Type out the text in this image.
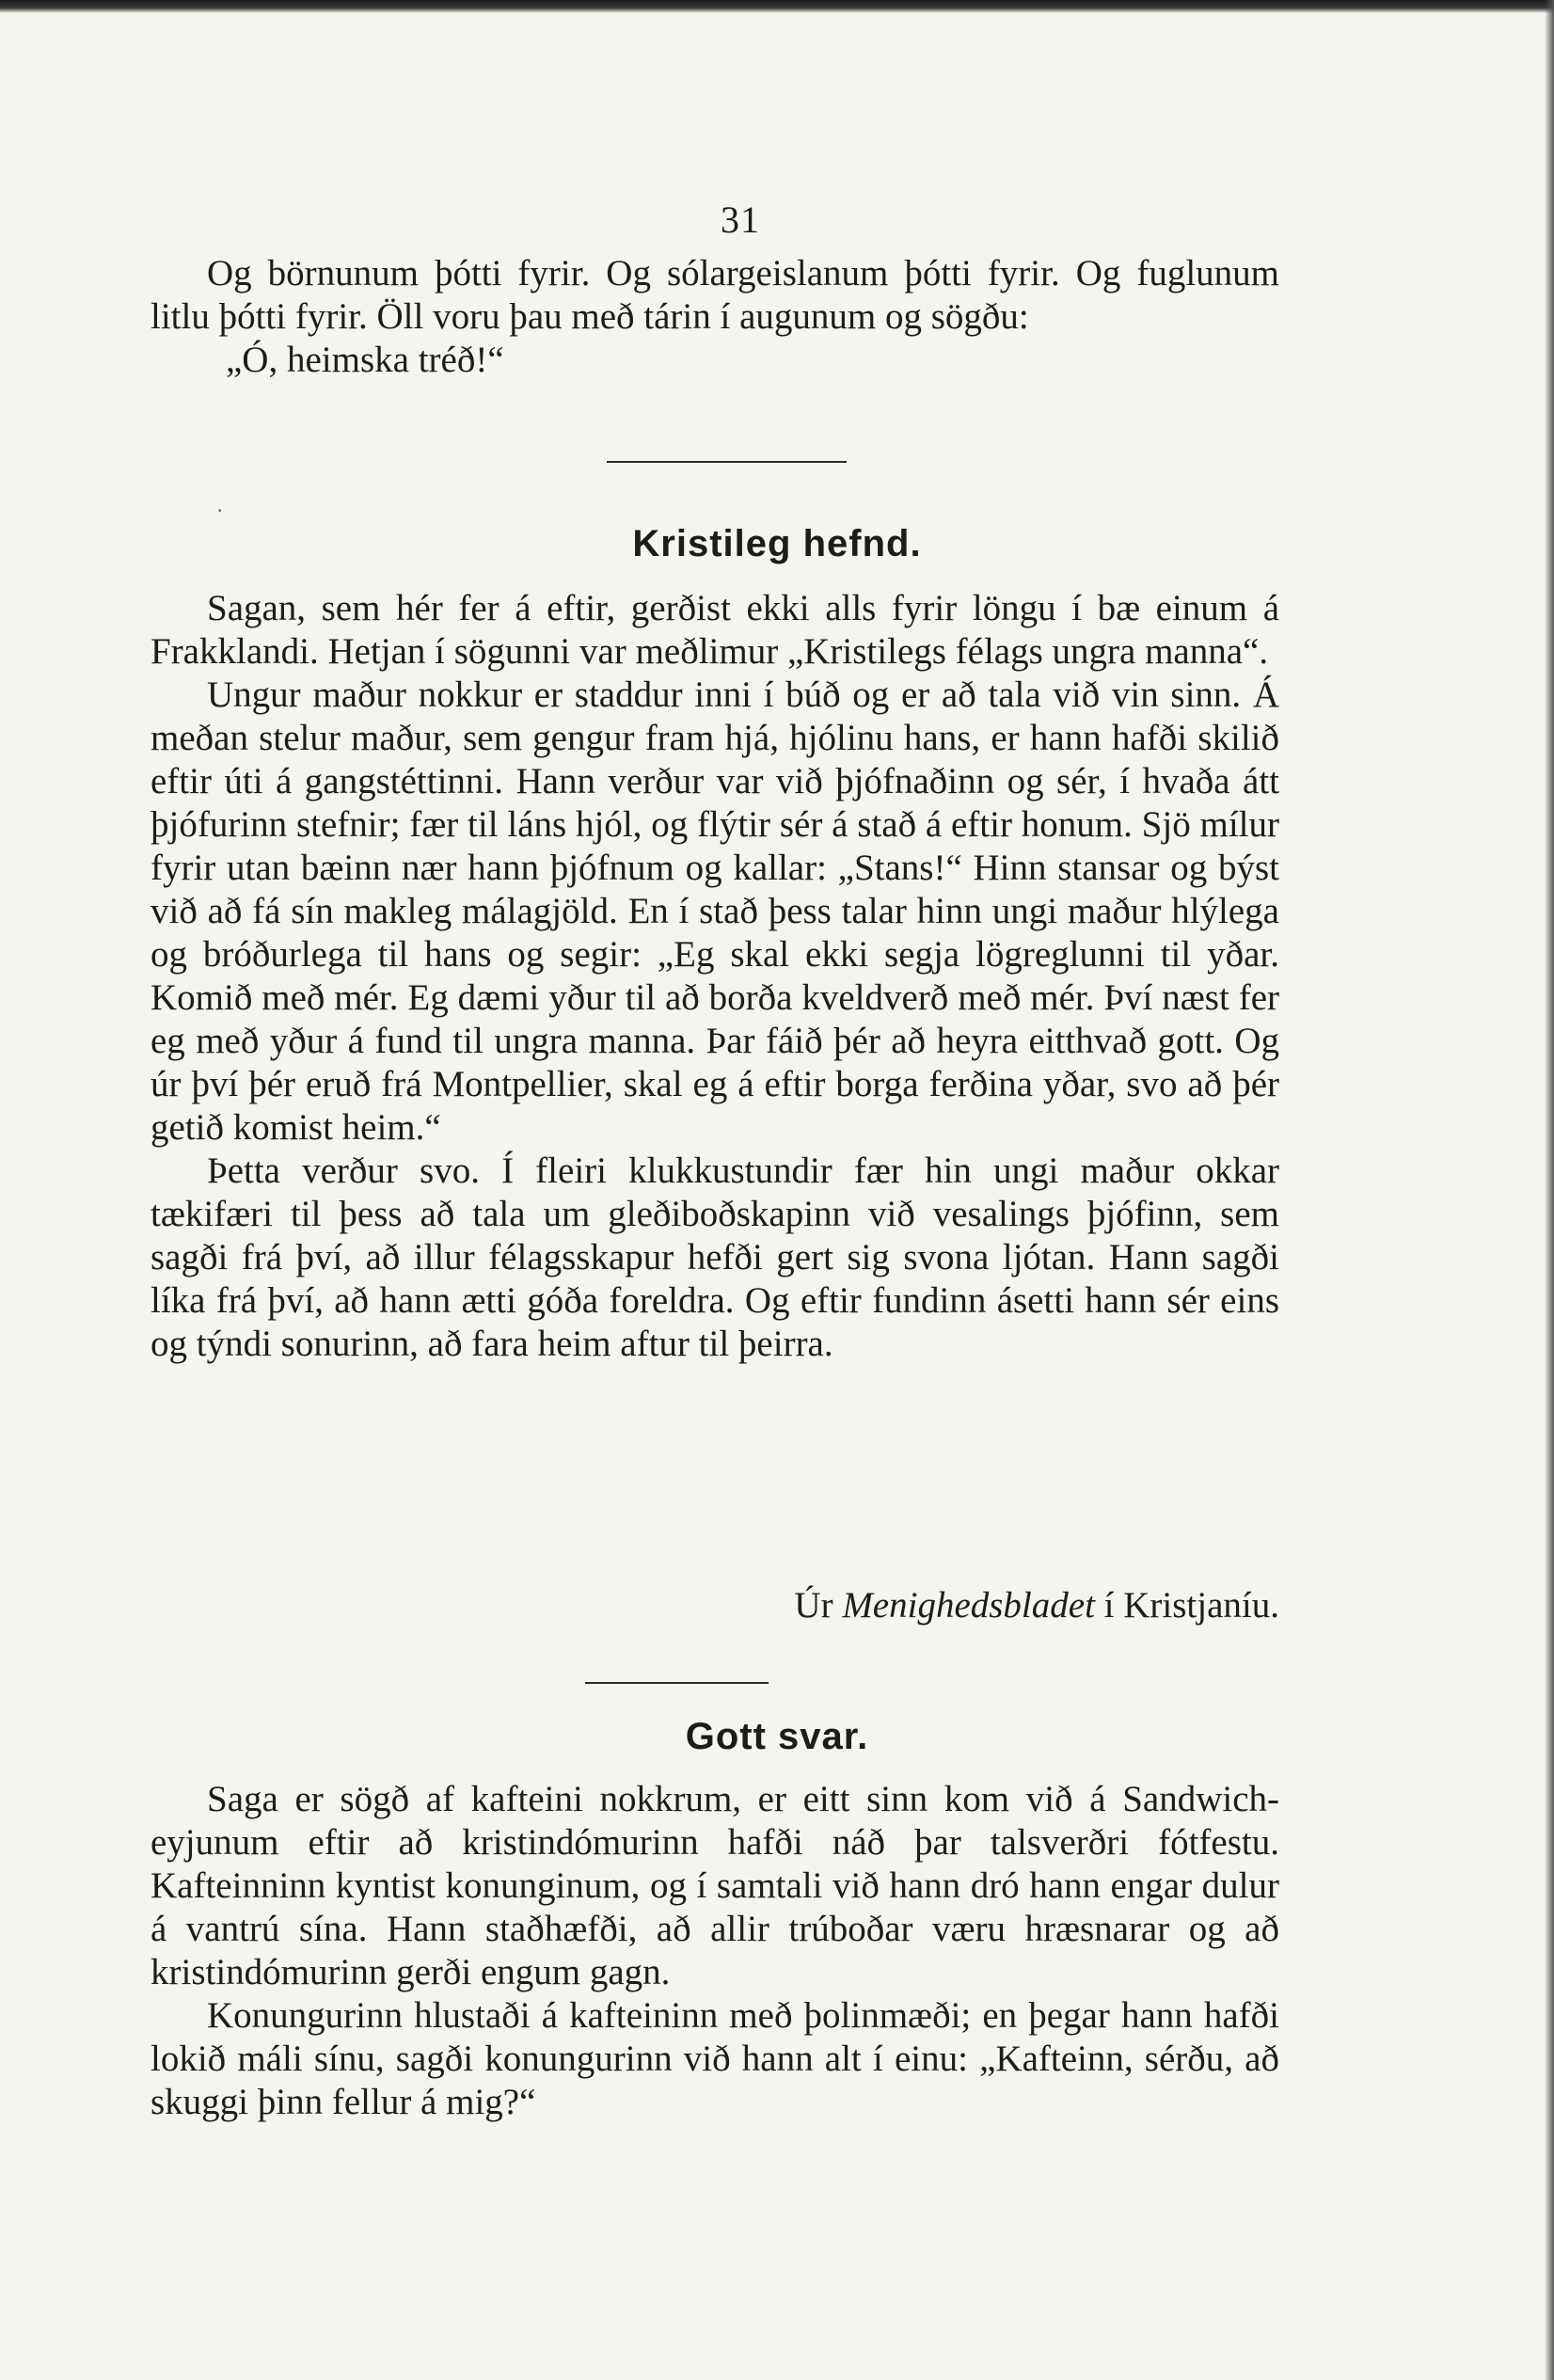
31

Og börnunum þótti fyrir. Og sólargeislanum þótti fyrir. Og fuglunum litlu þótti fyrir. Öll voru þau með tárin í augunum og sögðu:

„Ó, heimska tréð!“

·
Kristileg hefnd.

Sagan, sem hér fer á eftir, gerðist ekki alls fyrir löngu í bæ einum á Frakklandi. Hetjan í sögunni var meðlimur „Kristilegs félags ungra manna“.

Ungur maður nokkur er staddur inni í búð og er að tala við vin sinn. Á meðan stelur maður, sem gengur fram hjá, hjólinu hans, er hann hafði skilið eftir úti á gangstéttinni. Hann verður var við þjófnaðinn og sér, í hvaða átt þjófurinn stefnir; fær til láns hjól, og flýtir sér á stað á eftir honum. Sjö mílur fyrir utan bæinn nær hann þjófnum og kallar: „Stans!“ Hinn stansar og býst við að fá sín makleg málagjöld. En í stað þess talar hinn ungi maður hlýlega og bróðurlega til hans og segir: „Eg skal ekki segja lögreglunni til yðar. Komið með mér. Eg dæmi yður til að borða kveldverð með mér. Því næst fer eg með yður á fund til ungra manna. Þar fáið þér að heyra eitthvað gott. Og úr því þér eruð frá Montpellier, skal eg á eftir borga ferðina yðar, svo að þér getið komist heim.“

Þetta verður svo. Í fleiri klukkustundir fær hin ungi maður okkar tækifæri til þess að tala um gleðiboðskapinn við vesalings þjófinn, sem sagði frá því, að illur félagsskapur hefði gert sig svona ljótan. Hann sagði líka frá því, að hann ætti góða foreldra. Og eftir fundinn ásetti hann sér eins og týndi sonurinn, að fara heim aftur til þeirra.

Úr Menighedsbladet í Kristjaníu.
Gott svar.

Saga er sögð af kafteini nokkrum, er eitt sinn kom við á Sandwich-eyjunum eftir að kristindómurinn hafði náð þar talsverðri fótfestu. Kafteinninn kyntist konunginum, og í samtali við hann dró hann engar dulur á vantrú sína. Hann staðhæfði, að allir trúboðar væru hræsnarar og að kristindómurinn gerði engum gagn.

Konungurinn hlustaði á kafteininn með þolinmæði; en þegar hann hafði lokið máli sínu, sagði konungurinn við hann alt í einu: „Kafteinn, sérðu, að skuggi þinn fellur á mig?“
